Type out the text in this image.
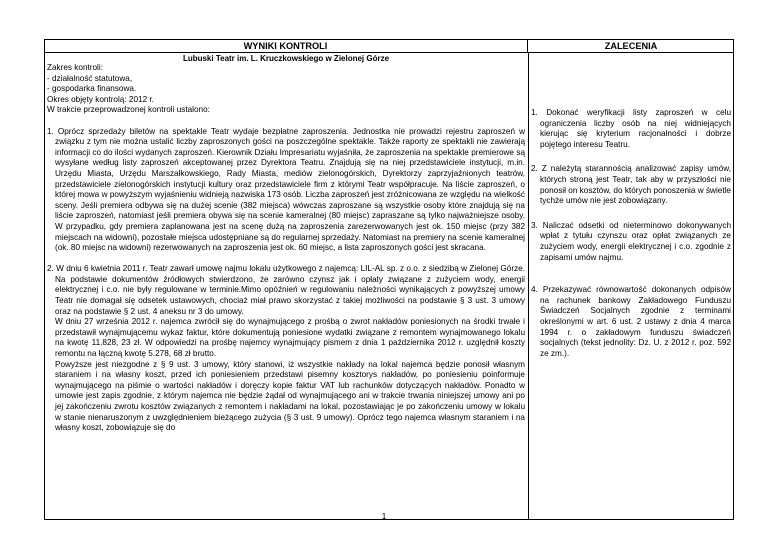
WYNIKI KONTROLI	ZALECENIA
Lubuski Teatr im. L. Kruczkowskiego w Zielonej Górze

Zakres kontroli:

- działalność statutowa,

- gospodarka finansowa.

Okres objęty kontrolą: 2012 r.

W trakcie przeprowadzonej kontroli ustalono:

1. Oprócz sprzedaży biletów na spektakle Teatr wydaje bezpłatne zaproszenia. Jednostka nie prowadzi rejestru zaproszeń w związku z tym nie można ustalić liczby zaproszonych gości na poszczególne spektakle. Także raporty ze spektakli nie zawierają informacji co do ilości wydanych zaproszeń. Kierownik Działu Impresariatu wyjaśniła, że zaproszenia na spektakle premierowe są wysyłane według listy zaproszeń akceptowanej przez Dyrektora Teatru. Znajdują się na niej przedstawiciele instytucji, m.in. Urzędu Miasta, Urzędu Marszałkowskiego, Rady Miasta, mediów zielonogórskich, Dyrektorzy zaprzyjaźnionych teatrów, przedstawiciele zielonogórskich instytucji kultury oraz przedstawiciele firm z którymi Teatr współpracuje. Na liście zaproszeń, o której mowa w powyższym wyjaśnieniu widnieją nazwiska 173 osób. Liczba zaproszeń jest zróżnicowana ze względu na wielkość sceny. Jeśli premiera odbywa się na dużej scenie (382 miejsca) wówczas zaproszane są wszystkie osoby które znajdują się na liście zaproszeń, natomiast jeśli premiera obywa się na scenie kameralnej (80 miejsc) zapraszane są tylko najważniejsze osoby. W przypadku, gdy premiera zaplanowana jest na scenę dużą na zaproszenia zarezerwowanych jest ok. 150 miejsc (przy 382 miejscach na widowni), pozostałe miejsca udostępniane są do regularnej sprzedaży. Natomiast na premiery na scenie kameralnej (ok. 80 miejsc na widowni) rezerwowanych na zaproszenia jest ok. 60 miejsc, a lista zaproszonych gości jest skracana.

2. W dniu 6 kwietnia 2011 r. Teatr zawarł umowę najmu lokalu użytkowego z najemcą: LIL-AL sp. z o.o. z siedzibą w Zielonej Górze. Na podstawie dokumentów źródłowych stwierdzono, że zarówno czynsz jak i opłaty związane z zużyciem wody, energii elektrycznej i c.o. nie były regulowane w terminie.Mimo opóźnień w regulowaniu należności wynikających z powyższej umowy Teatr nie domagał się odsetek ustawowych, chociaż miał prawo skorzystać z takiej możliwości na podstawie § 3 ust. 3 umowy oraz na podstawie § 2 ust. 4 aneksu nr 3 do umowy.

W dniu 27 września 2012 r. najemca zwrócił się do wynajmującego z prośbą o zwrot nakładów poniesionych na środki trwałe i przedstawił wynajmującemu wykaz faktur, które dokumentują poniesione wydatki związane z remontem wynajmowanego lokalu na kwotę 11.828, 23 zł. W odpowiedzi na prośbę najemcy wynajmujący pismem z dnia 1 października 2012 r. uzględnił koszty remontu na łączną kwotę 5.278, 68 zł brutto.

Powyższe jest niezgodne z § 9 ust. 3 umowy, który stanowi, iż wszystkie nakłady na lokal najemca będzie ponosił własnym staraniem i na własny koszt, przed ich poniesieniem przedstawi pisemny kosztorys nakładów, po poniesieniu poinformuje wynajmującego na piśmie o wartości nakładów i doręczy kopie faktur VAT lub rachunków dotyczących nakładów. Ponadto w umowie jest zapis zgodnie, z którym najemca nie będzie żądał od wynajmującego ani w trakcie trwania niniejszej umowy ani po jej zakończeniu zwrotu kosztów związanych z remontem i nakładami na lokal, pozostawiając je po zakończeniu umowy w lokalu w stanie nienaruszonym z uwzględnieniem bieżącego zużycia (§ 3 ust. 9 umowy). Oprócz tego najemca własnym staraniem i na własny koszt, zobowiązuje się do

1. Dokonać weryfikacji listy zaproszeń w celu ograniczenia liczby osób na niej widniejących kierując się kryterium racjonalności i dobrze pojętego interesu Teatru.

2. Z należytą starannością analizować zapisy umów, których stroną jest Teatr, tak aby w przyszłości nie ponosił on kosztów, do których ponoszenia w świetle tychże umów nie jest zobowiązany.

3. Naliczać odsetki od nieterminowo dokonywanych wpłat z tytułu czynszu oraz opłat związanych ze zużyciem wody, energii elektrycznej i c.o. zgodnie z zapisami umów najmu.

4. Przekazywać równowartość dokonanych odpisów na rachunek bankowy Zakładowego Funduszu Świadczeń Socjalnych zgodnie z terminami określonymi w art. 6 ust. 2 ustawy z dnia 4 marca 1994 r. o zakładowym funduszu świadczeń socjalnych (tekst jednolity: Dz. U. z 2012 r. poz. 592 ze zm.).

1
